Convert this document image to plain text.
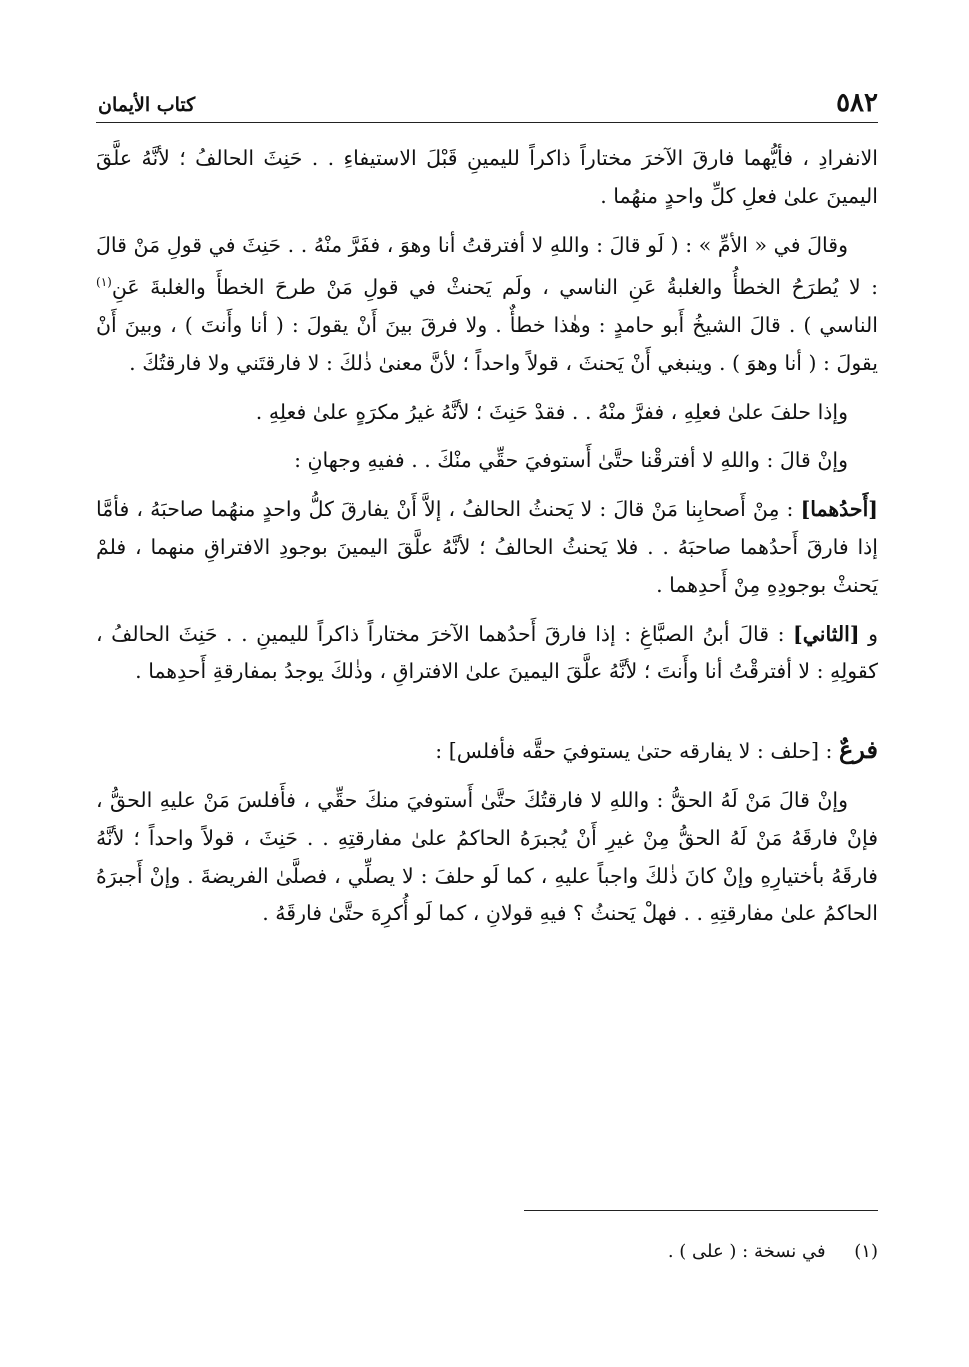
٥٨٢
كتاب الأيمان

الانفرادِ ، فأيُّهما فارقَ الآخرَ مختاراً ذاكراً لليمينِ قَبْلَ الاستيفاءِ . . حَنِثَ الحالفُ ؛ لأنَّهُ علَّقَ اليمينَ علىٰ فعلِ كلِّ واحدٍ منهُما .

وقالَ في « الأمِّ » : ( لَو قالَ : واللهِ لا أفترقتُ أنا وهوَ ، ففَرَّ منْهُ . . حَنِثَ في قولِ مَنْ قالَ : لا يُطرَحُ الخطأُ والغلبةُ عَنِ الناسي ، ولَم يَحنثْ في قولِ مَنْ طرحَ الخطأَ والغلبةَ عَنِ$^{(١)}$ الناسي ) . قالَ الشيخُ أَبو حامدٍ : وهٰذا خطأٌ . ولا فرقَ بينَ أَنْ يقولَ : ( أنا وأَنتَ ) ، وبينَ أَنْ يقولَ : ( أنا وهوَ ) . وينبغي أَنْ يَحنثَ ، قولاً واحداً ؛ لأنَّ معنىٰ ذٰلكَ : لا فارقتَني ولا فارقتُكَ .

وإذا حلفَ علىٰ فعلِهِ ، ففرَّ منْهُ . . فقدْ حَنِثَ ؛ لأنَّهُ غيرُ مكرَهٍ علىٰ فعلِهِ .

وإنْ قالَ : واللهِ لا أفترقْنا حتَّىٰ أَستوفيَ حقِّي منْكَ . . ففيهِ وجهانِ :

[أَحدُهما] : مِنْ أَصحابِنا مَنْ قالَ : لا يَحنثُ الحالفُ ، إلاَّ أَنْ يفارقَ كلُّ واحدٍ منهُما صاحبَهُ ، فأمَّا إذا فارقَ أَحدُهما صاحبَهُ . . فلا يَحنثُ الحالفُ ؛ لأنَّهُ علَّقَ اليمينَ بوجودِ الافتراقِ منهما ، فلمْ يَحنثْ بوجودِهِ مِنْ أَحدِهما .

و [الثاني] : قالَ أبنُ الصبَّاغِ : إذا فارقَ أَحدُهما الآخرَ مختاراً ذاكراً لليمينِ . . حَنِثَ الحالفُ ، كقولِهِ : لا أفترقْتُ أنا وأَنتَ ؛ لأنَّهُ علَّقَ اليمينَ علىٰ الافتراقِ ، وذٰلكَ يوجدُ بمفارقةِ أَحدِهما .

فرعٌ : [حلف : لا يفارقه حتىٰ يستوفيَ حقَّه فأفلس] :

وإنْ قالَ مَنْ لَهُ الحقُّ : واللهِ لا فارقتُكَ حتَّىٰ أَستوفيَ منكَ حقِّي ، فأَفلسَ مَنْ عليهِ الحقُّ ، فإنْ فارقَهُ مَنْ لَهُ الحقُّ مِنْ غيرِ أَنْ يُجبرَهُ الحاكمُ علىٰ مفارقتِهِ . . حَنِثَ ، قولاً واحداً ؛ لأنَّهُ فارقَهُ بأختيارِهِ وإنْ كانَ ذٰلكَ واجباً عليهِ ، كما لَو حلفَ : لا يصلِّي ، فصلَّىٰ الفريضةَ . وإنْ أَجبرَهُ الحاكمُ علىٰ مفارقتِهِ . . فهلْ يَحنثُ ؟ فيهِ قولانِ ، كما لَو أُكرِهَ حتَّىٰ فارقَهُ .

(١)     في نسخة : ( على ) .
